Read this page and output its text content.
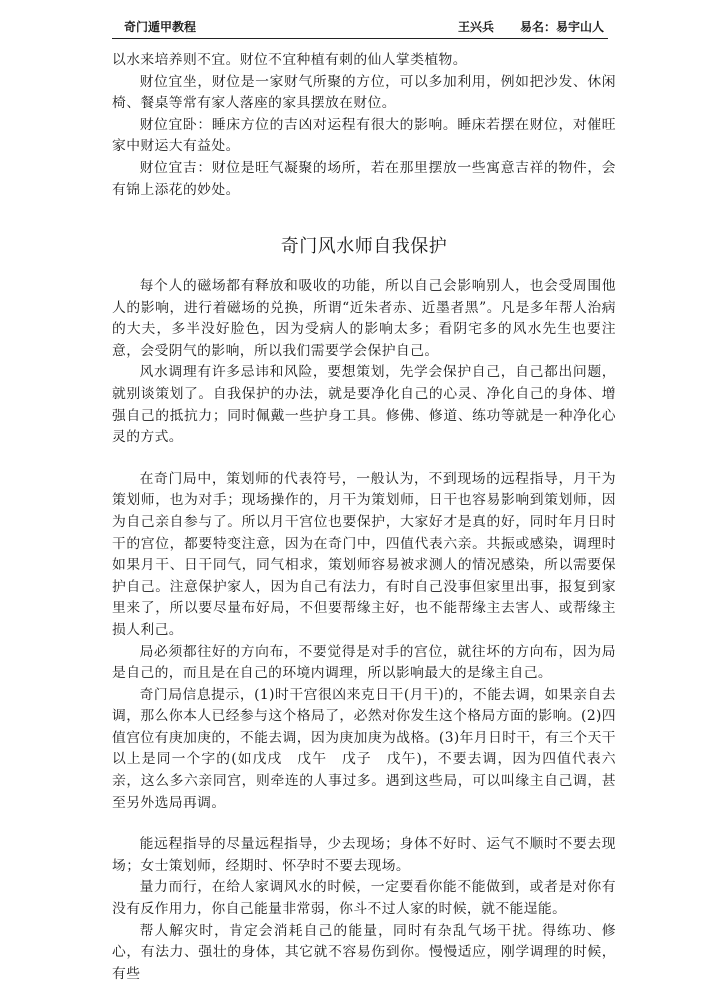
奇门遁甲教程	王兴兵 易名：易宇山人

以水来培养则不宜。财位不宜种植有刺的仙人掌类植物。

财位宜坐，财位是一家财气所聚的方位，可以多加利用，例如把沙发、休闲椅、餐桌等常有家人落座的家具摆放在财位。

财位宜卧：睡床方位的吉凶对运程有很大的影响。睡床若摆在财位，对催旺家中财运大有益处。

财位宜吉：财位是旺气凝聚的场所，若在那里摆放一些寓意吉祥的物件，会有锦上添花的妙处。

奇门风水师自我保护

每个人的磁场都有释放和吸收的功能，所以自己会影响别人，也会受周围他人的影响，进行着磁场的兑换，所谓“近朱者赤、近墨者黑”。凡是多年帮人治病的大夫，多半没好脸色，因为受病人的影响太多；看阴宅多的风水先生也要注意，会受阴气的影响，所以我们需要学会保护自己。

风水调理有许多忌讳和风险，要想策划，先学会保护自己，自己都出问题，就别谈策划了。自我保护的办法，就是要净化自己的心灵、净化自己的身体、增强自己的抵抗力；同时佩戴一些护身工具。修佛、修道、练功等就是一种净化心灵的方式。

在奇门局中，策划师的代表符号，一般认为，不到现场的远程指导，月干为策划师，也为对手；现场操作的，月干为策划师，日干也容易影响到策划师，因为自己亲自参与了。所以月干宫位也要保护，大家好才是真的好，同时年月日时干的宫位，都要特变注意，因为在奇门中，四值代表六亲。共振或感染，调理时如果月干、日干同气，同气相求，策划师容易被求测人的情况感染，所以需要保护自己。注意保护家人，因为自己有法力，有时自己没事但家里出事，报复到家里来了，所以要尽量布好局，不但要帮缘主好，也不能帮缘主去害人、或帮缘主损人利己。

局必须都往好的方向布，不要觉得是对手的宫位，就往坏的方向布，因为局是自己的，而且是在自己的环境内调理，所以影响最大的是缘主自己。

奇门局信息提示，(1)时干宫很凶来克日干(月干)的，不能去调，如果亲自去调，那么你本人已经参与这个格局了，必然对你发生这个格局方面的影响。(2)四值宫位有庚加庚的，不能去调，因为庚加庚为战格。(3)年月日时干，有三个天干以上是同一个字的(如戊戌　戊午　戊子　戊午)，不要去调，因为四值代表六亲，这么多六亲同宫，则牵连的人事过多。遇到这些局，可以叫缘主自己调，甚至另外选局再调。

能远程指导的尽量远程指导，少去现场；身体不好时、运气不顺时不要去现场；女士策划师，经期时、怀孕时不要去现场。

量力而行，在给人家调风水的时候，一定要看你能不能做到，或者是对你有没有反作用力，你自己能量非常弱，你斗不过人家的时候，就不能逞能。

帮人解灾时，肯定会消耗自己的能量，同时有杂乱气场干扰。得练功、修心，有法力、强壮的身体，其它就不容易伤到你。慢慢适应，刚学调理的时候，有些
